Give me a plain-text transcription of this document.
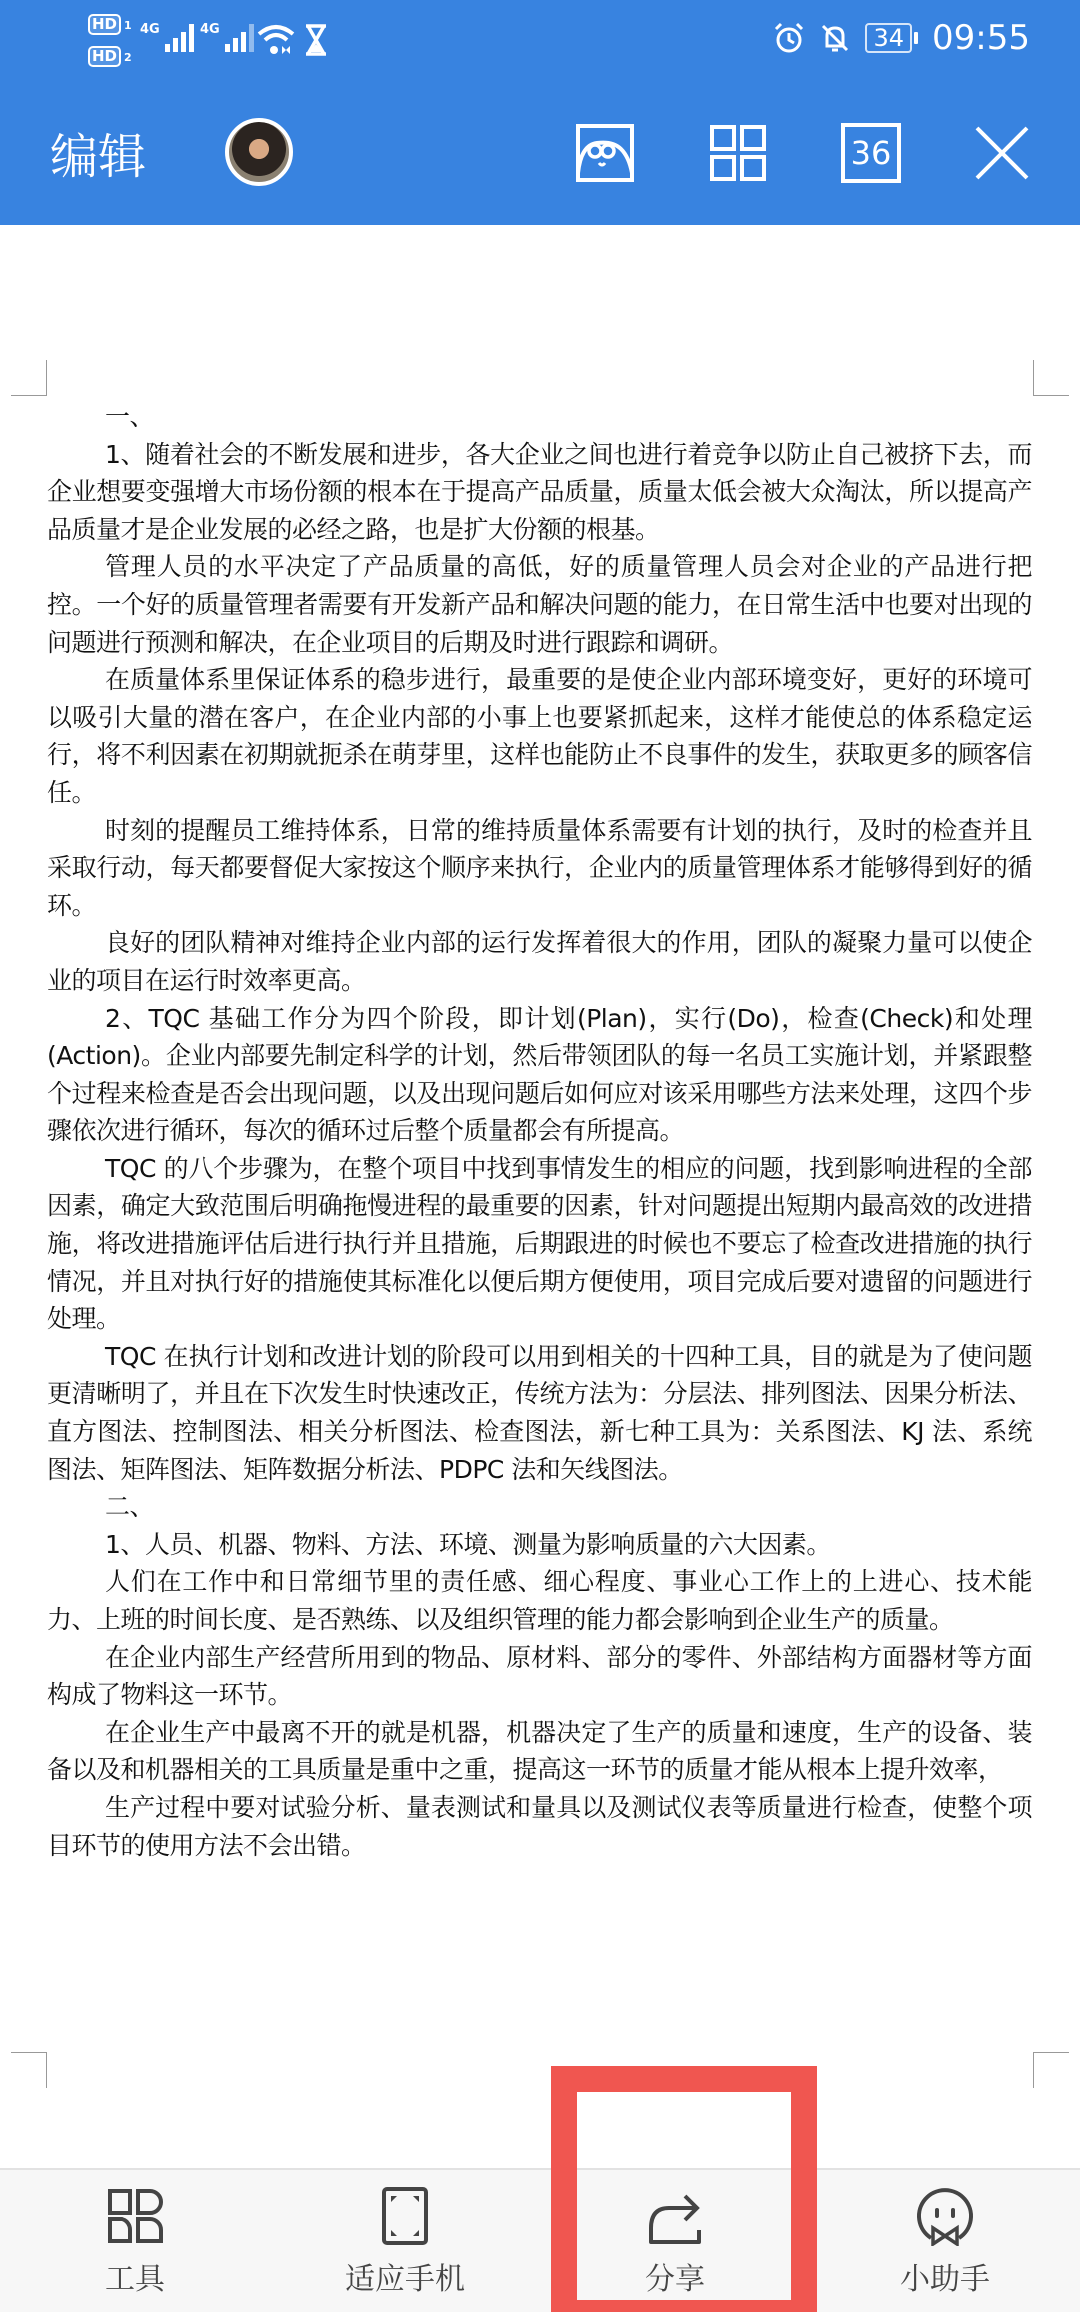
HD 1
HD 2
4G	4G	34 09:55
编辑	36

一、

1、随着社会的不断发展和进步，各大企业之间也进行着竞争以防止自己被挤下去，而企业想要变强增大市场份额的根本在于提高产品质量，质量太低会被大众淘汰，所以提高产品质量才是企业发展的必经之路，也是扩大份额的根基。

管理人员的水平决定了产品质量的高低，好的质量管理人员会对企业的产品进行把控。一个好的质量管理者需要有开发新产品和解决问题的能力，在日常生活中也要对出现的问题进行预测和解决，在企业项目的后期及时进行跟踪和调研。

在质量体系里保证体系的稳步进行，最重要的是使企业内部环境变好，更好的环境可以吸引大量的潜在客户，在企业内部的小事上也要紧抓起来，这样才能使总的体系稳定运行，将不利因素在初期就扼杀在萌芽里，这样也能防止不良事件的发生，获取更多的顾客信任。

时刻的提醒员工维持体系，日常的维持质量体系需要有计划的执行，及时的检查并且采取行动，每天都要督促大家按这个顺序来执行，企业内的质量管理体系才能够得到好的循环。

良好的团队精神对维持企业内部的运行发挥着很大的作用，团队的凝聚力量可以使企业的项目在运行时效率更高。

2、TQC 基础工作分为四个阶段，即计划(Plan)，实行(Do)，检查(Check)和处理(Action)。企业内部要先制定科学的计划，然后带领团队的每一名员工实施计划，并紧跟整个过程来检查是否会出现问题，以及出现问题后如何应对该采用哪些方法来处理，这四个步骤依次进行循环，每次的循环过后整个质量都会有所提高。

TQC 的八个步骤为，在整个项目中找到事情发生的相应的问题，找到影响进程的全部因素，确定大致范围后明确拖慢进程的最重要的因素，针对问题提出短期内最高效的改进措施，将改进措施评估后进行执行并且措施，后期跟进的时候也不要忘了检查改进措施的执行情况，并且对执行好的措施使其标准化以便后期方便使用，项目完成后要对遗留的问题进行处理。

TQC 在执行计划和改进计划的阶段可以用到相关的十四种工具，目的就是为了使问题更清晰明了，并且在下次发生时快速改正，传统方法为：分层法、排列图法、因果分析法、直方图法、控制图法、相关分析图法、检查图法，新七种工具为：关系图法、KJ 法、系统图法、矩阵图法、矩阵数据分析法、PDPC 法和矢线图法。

二、

1、人员、机器、物料、方法、环境、测量为影响质量的六大因素。

人们在工作中和日常细节里的责任感、细心程度、事业心工作上的上进心、技术能力、上班的时间长度、是否熟练、以及组织管理的能力都会影响到企业生产的质量。

在企业内部生产经营所用到的物品、原材料、部分的零件、外部结构方面器材等方面构成了物料这一环节。

在企业生产中最离不开的就是机器，机器决定了生产的质量和速度，生产的设备、装备以及和机器相关的工具质量是重中之重，提高这一环节的质量才能从根本上提升效率，

生产过程中要对试验分析、量表测试和量具以及测试仪表等质量进行检查，使整个项目环节的使用方法不会出错。

工具	适应手机	分享	小助手
